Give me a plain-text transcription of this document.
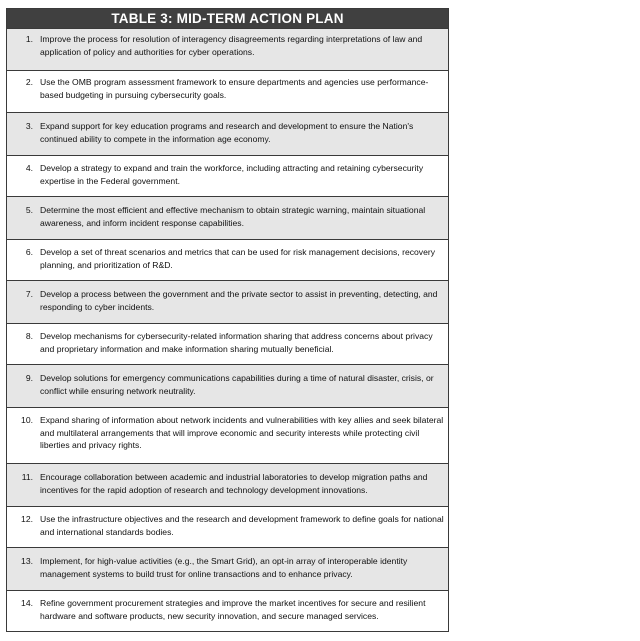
TABLE 3: MID-TERM ACTION PLAN
1. Improve the process for resolution of interagency disagreements regarding interpretations of law and application of policy and authorities for cyber operations.
2. Use the OMB program assessment framework to ensure departments and agencies use performance-based budgeting in pursuing cybersecurity goals.
3. Expand support for key education programs and research and development to ensure the Nation's continued ability to compete in the information age economy.
4. Develop a strategy to expand and train the workforce, including attracting and retaining cybersecurity expertise in the Federal government.
5. Determine the most efficient and effective mechanism to obtain strategic warning, maintain situational awareness, and inform incident response capabilities.
6. Develop a set of threat scenarios and metrics that can be used for risk management decisions, recovery planning, and prioritization of R&D.
7. Develop a process between the government and the private sector to assist in preventing, detecting, and responding to cyber incidents.
8. Develop mechanisms for cybersecurity-related information sharing that address concerns about privacy and proprietary information and make information sharing mutually beneficial.
9. Develop solutions for emergency communications capabilities during a time of natural disaster, crisis, or conflict while ensuring network neutrality.
10. Expand sharing of information about network incidents and vulnerabilities with key allies and seek bilateral and multilateral arrangements that will improve economic and security interests while protecting civil liberties and privacy rights.
11. Encourage collaboration between academic and industrial laboratories to develop migration paths and incentives for the rapid adoption of research and technology development innovations.
12. Use the infrastructure objectives and the research and development framework to define goals for national and international standards bodies.
13. Implement, for high-value activities (e.g., the Smart Grid), an opt-in array of interoperable identity management systems to build trust for online transactions and to enhance privacy.
14. Refine government procurement strategies and improve the market incentives for secure and resilient hardware and software products, new security innovation, and secure managed services.
